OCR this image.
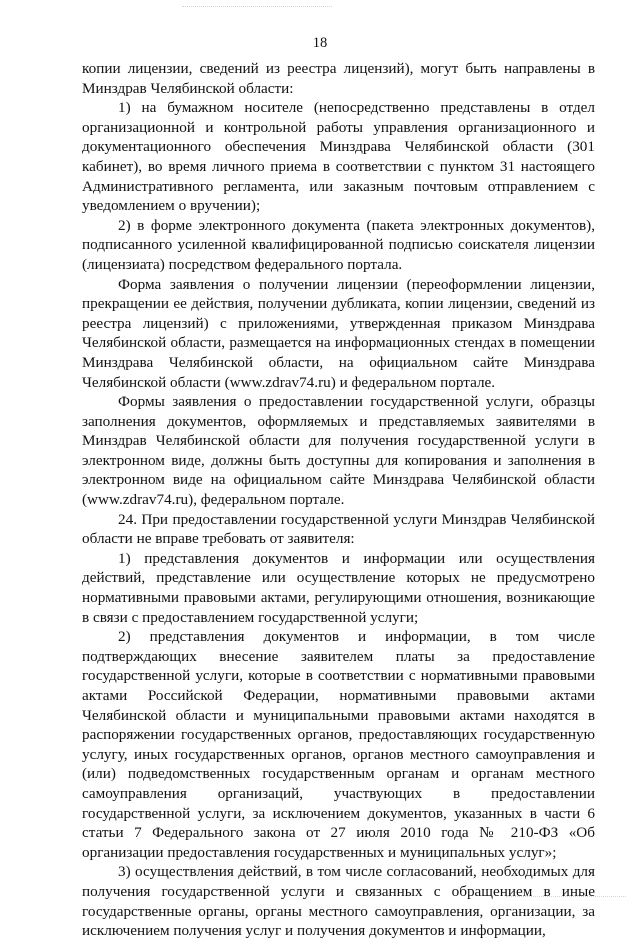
18

копии лицензии, сведений из реестра лицензий), могут быть направлены в Минздрав Челябинской области:

1) на бумажном носителе (непосредственно представлены в отдел организационной и контрольной работы управления организационного и документационного обеспечения Минздрава Челябинской области (301 кабинет), во время личного приема в соответствии с пунктом 31 настоящего Административного регламента, или заказным почтовым отправлением с уведомлением о вручении);

2) в форме электронного документа (пакета электронных документов), подписанного усиленной квалифицированной подписью соискателя лицензии (лицензиата) посредством федерального портала.

Форма заявления о получении лицензии (переоформлении лицензии, прекращении ее действия, получении дубликата, копии лицензии, сведений из реестра лицензий) с приложениями, утвержденная приказом Минздрава Челябинской области, размещается на информационных стендах в помещении Минздрава Челябинской области, на официальном сайте Минздрава Челябинской области (www.zdrav74.ru) и федеральном портале.

Формы заявления о предоставлении государственной услуги, образцы заполнения документов, оформляемых и представляемых заявителями в Минздрав Челябинской области для получения государственной услуги в электронном виде, должны быть доступны для копирования и заполнения в электронном виде на официальном сайте Минздрава Челябинской области (www.zdrav74.ru), федеральном портале.

24. При предоставлении государственной услуги Минздрав Челябинской области не вправе требовать от заявителя:

1) представления документов и информации или осуществления действий, представление или осуществление которых не предусмотрено нормативными правовыми актами, регулирующими отношения, возникающие в связи с предоставлением государственной услуги;

2) представления документов и информации, в том числе подтверждающих внесение заявителем платы за предоставление государственной услуги, которые в соответствии с нормативными правовыми актами Российской Федерации, нормативными правовыми актами Челябинской области и муниципальными правовыми актами находятся в распоряжении государственных органов, предоставляющих государственную услугу, иных государственных органов, органов местного самоуправления и (или) подведомственных государственным органам и органам местного самоуправления организаций, участвующих в предоставлении государственной услуги, за исключением документов, указанных в части 6 статьи 7 Федерального закона от 27 июля 2010 года № 210-ФЗ «Об организации предоставления государственных и муниципальных услуг»;

3) осуществления действий, в том числе согласований, необходимых для получения государственной услуги и связанных с обращением в иные государственные органы, органы местного самоуправления, организации, за исключением получения услуг и получения документов и информации,
